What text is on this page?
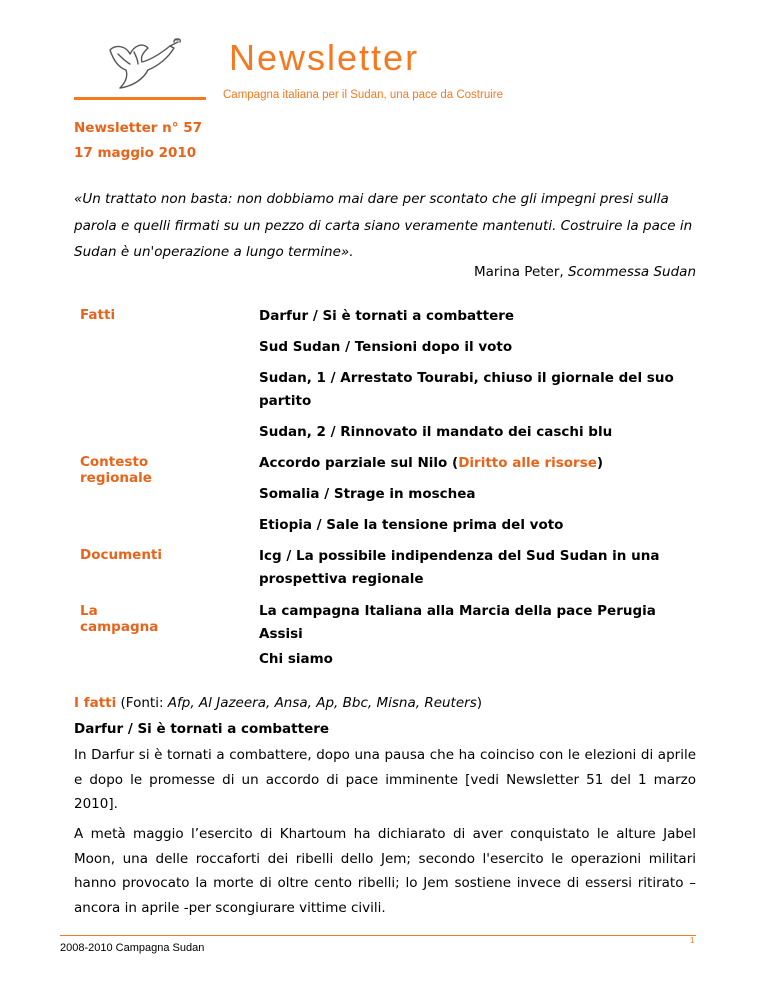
Newsletter
Campagna italiana per il Sudan, una pace da Costruire
Newsletter n° 57
17 maggio 2010
«Un trattato non basta: non dobbiamo mai dare per scontato che gli impegni presi sulla parola e quelli firmati su un pezzo di carta siano veramente mantenuti. Costruire la pace in Sudan è un'operazione a lungo termine».
Marina Peter, Scommessa Sudan
Fatti	Darfur / Si è tornati a combattere
Sud Sudan / Tensioni dopo il voto
Sudan, 1 / Arrestato Tourabi, chiuso il giornale del suo partito
Sudan, 2 / Rinnovato il mandato dei caschi blu
Contesto regionale
Accordo parziale sul Nilo (Diritto alle risorse)
Somalia / Strage in moschea
Etiopia / Sale la tensione prima del voto
Documenti	Icg / La possibile indipendenza del Sud Sudan in una prospettiva regionale
La campagna
La campagna Italiana alla Marcia della pace Perugia Assisi
Chi siamo
I fatti (Fonti: Afp, Al Jazeera, Ansa, Ap, Bbc, Misna, Reuters)
Darfur / Si è tornati a combattere
In Darfur si è tornati a combattere, dopo una pausa che ha coinciso con le elezioni di aprile e dopo le promesse di un accordo di pace imminente [vedi Newsletter 51 del 1 marzo 2010].
A metà maggio l’esercito di Khartoum ha dichiarato di aver conquistato le alture Jabel Moon, una delle roccaforti dei ribelli dello Jem; secondo l'esercito le operazioni militari hanno provocato la morte di oltre cento ribelli; lo Jem sostiene invece di essersi ritirato – ancora in aprile -per scongiurare vittime civili.
2008-2010 Campagna Sudan
1
